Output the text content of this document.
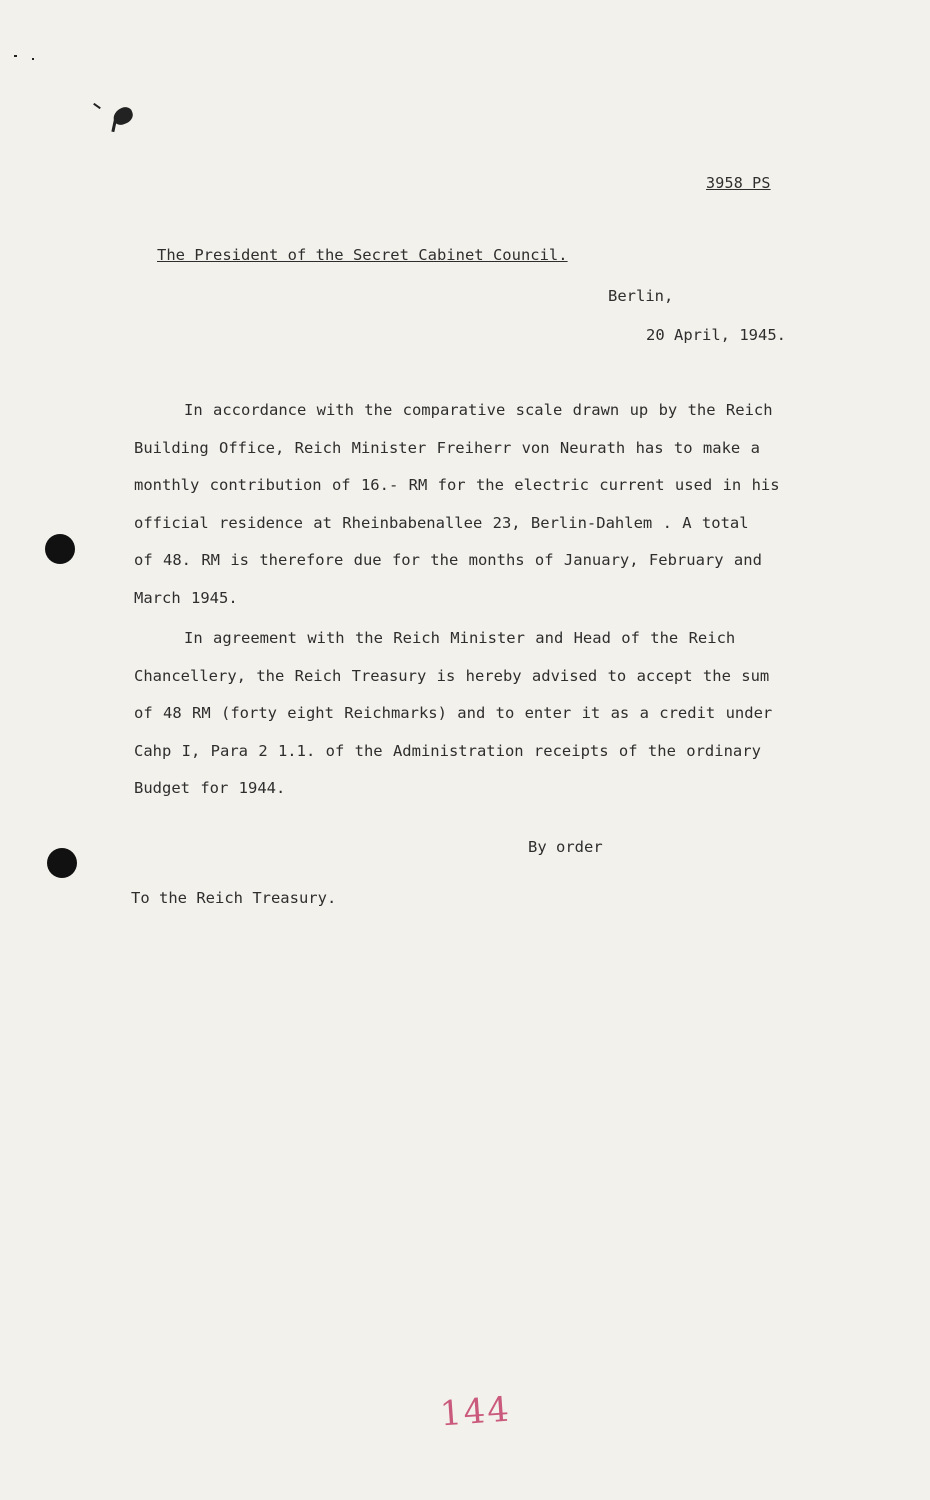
3958 PS
The President of the Secret Cabinet Council.
Berlin,
20 April, 1945.
In accordance with the comparative scale drawn up by the Reich
Building Office, Reich Minister Freiherr von Neurath has to make a
monthly contribution of 16.- RM for the electric current used in his
official residence at Rheinbabenallee 23, Berlin-Dahlem . A total
of 48. RM is therefore due for the months of January, February and
March 1945.
In agreement with the Reich Minister and Head of the Reich
Chancellery, the Reich Treasury is hereby advised to accept the sum
of 48 RM (forty eight Reichmarks) and to enter it as a credit under
Cahp I, Para 2 1.1. of the Administration receipts of the ordinary
Budget for 1944.
By order
To the Reich Treasury.
144
